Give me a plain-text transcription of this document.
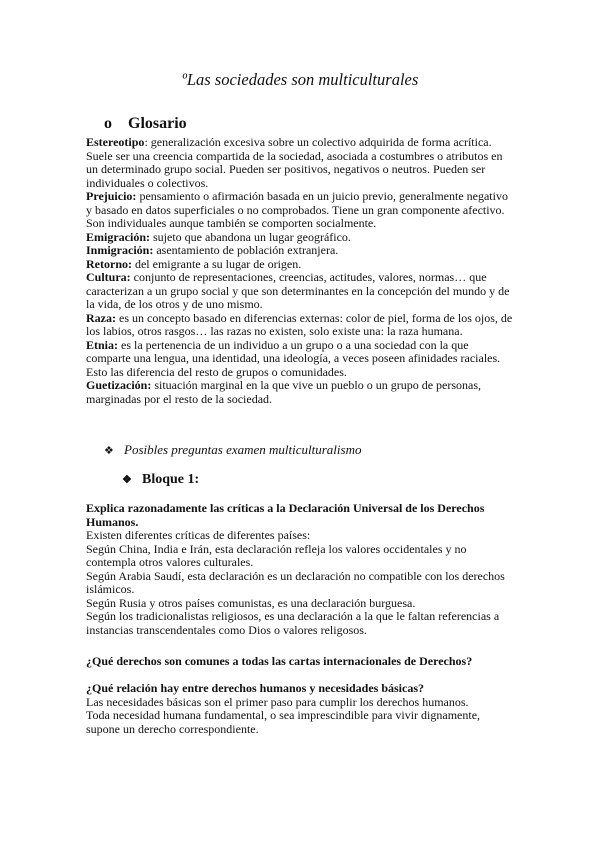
ºLas sociedades son multiculturales
o Glosario

Estereotipo: generalización excesiva sobre un colectivo adquirida de forma acrítica. Suele ser una creencia compartida de la sociedad, asociada a costumbres o atributos en un determinado grupo social. Pueden ser positivos, negativos o neutros. Pueden ser individuales o colectivos.

Prejuicio: pensamiento o afirmación basada en un juicio previo, generalmente negativo y basado en datos superficiales o no comprobados. Tiene un gran componente afectivo. Son individuales aunque también se comporten socialmente.

Emigración: sujeto que abandona un lugar geográfico.

Inmigración: asentamiento de población extranjera.

Retorno: del emigrante a su lugar de origen.

Cultura: conjunto de representaciones, creencias, actitudes, valores, normas… que caracterizan a un grupo social y que son determinantes en la concepción del mundo y de la vida, de los otros y de uno mismo.

Raza: es un concepto basado en diferencias externas: color de piel, forma de los ojos, de los labios, otros rasgos… las razas no existen, solo existe una: la raza humana.

Etnia: es la pertenencia de un individuo a un grupo o a una sociedad con la que comparte una lengua, una identidad, una ideología, a veces poseen afinidades raciales. Esto las diferencia del resto de grupos o comunidades.

Guetización: situación marginal en la que vive un pueblo o un grupo de personas, marginadas por el resto de la sociedad.

❖ Posibles preguntas examen multiculturalismo
❖ Bloque 1:

Explica razonadamente las críticas a la Declaración Universal de los Derechos Humanos.

Existen diferentes críticas de diferentes países:

Según China, India e Irán, esta declaración refleja los valores occidentales y no contempla otros valores culturales.

Según Arabia Saudí, esta declaración es un declaración no compatible con los derechos islámicos.

Según Rusia y otros países comunistas, es una declaración burguesa.

Según los tradicionalistas religiosos, es una declaración a la que le faltan referencias a instancias transcendentales como Dios o valores religosos.

¿Qué derechos son comunes a todas las cartas internacionales de Derechos?

¿Qué relación hay entre derechos humanos y necesidades básicas?

Las necesidades básicas son el primer paso para cumplir los derechos humanos.

Toda necesidad humana fundamental, o sea imprescindible para vivir dignamente, supone un derecho correspondiente.
